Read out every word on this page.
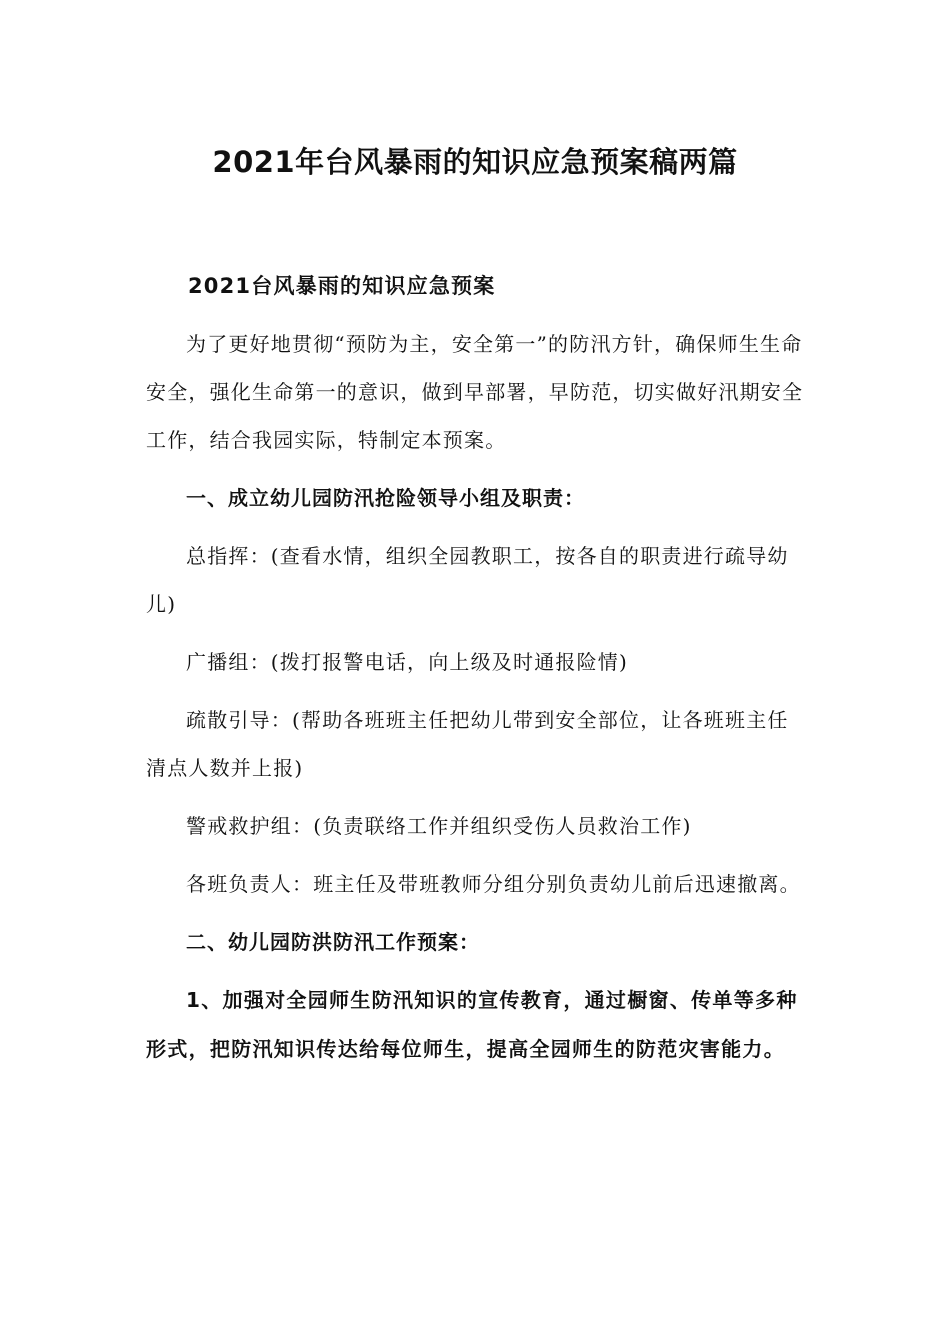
2021年台风暴雨的知识应急预案稿两篇

2021台风暴雨的知识应急预案

为了更好地贯彻“预防为主，安全第一”的防汛方针，确保师生生命安全，强化生命第一的意识，做到早部署，早防范，切实做好汛期安全工作，结合我园实际，特制定本预案。

一、成立幼儿园防汛抢险领导小组及职责：

总指挥：(查看水情，组织全园教职工，按各自的职责进行疏导幼儿)

广播组：(拨打报警电话，向上级及时通报险情)

疏散引导：(帮助各班班主任把幼儿带到安全部位，让各班班主任清点人数并上报)

警戒救护组：(负责联络工作并组织受伤人员救治工作)

各班负责人：班主任及带班教师分组分别负责幼儿前后迅速撤离。

二、幼儿园防洪防汛工作预案：

1、加强对全园师生防汛知识的宣传教育，通过橱窗、传单等多种形式，把防汛知识传达给每位师生，提高全园师生的防范灾害能力。
